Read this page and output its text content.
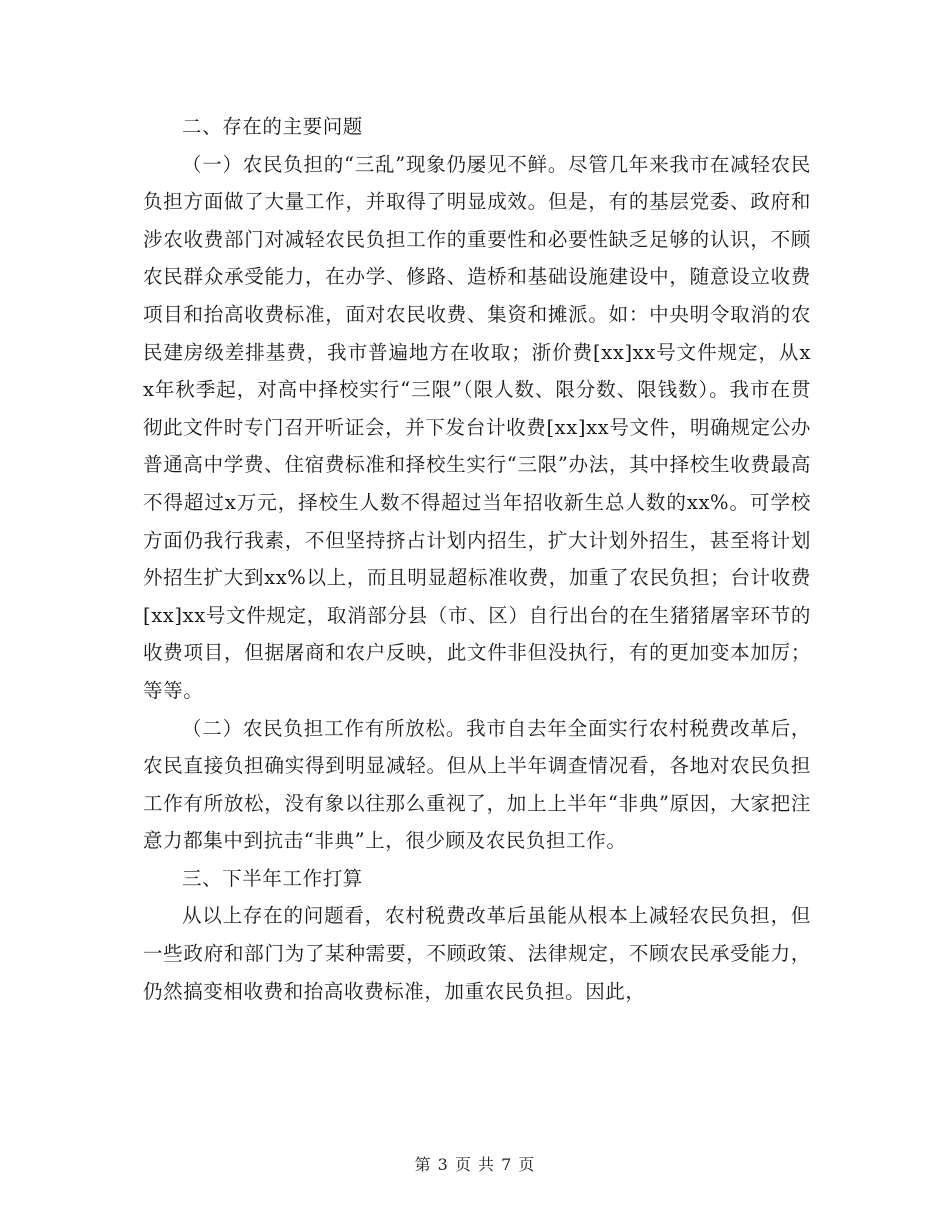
二、存在的主要问题

（一）农民负担的“三乱”现象仍屡见不鲜。尽管几年来我市在减轻农民负担方面做了大量工作，并取得了明显成效。但是，有的基层党委、政府和涉农收费部门对减轻农民负担工作的重要性和必要性缺乏足够的认识，不顾农民群众承受能力，在办学、修路、造桥和基础设施建设中，随意设立收费项目和抬高收费标准，面对农民收费、集资和摊派。如：中央明令取消的农民建房级差排基费，我市普遍地方在收取；浙价费[xx]xx号文件规定，从xx年秋季起，对高中择校实行“三限”（限人数、限分数、限钱数）。我市在贯彻此文件时专门召开听证会，并下发台计收费[xx]xx号文件，明确规定公办普通高中学费、住宿费标准和择校生实行“三限”办法，其中择校生收费最高不得超过x万元，择校生人数不得超过当年招收新生总人数的xx%。可学校方面仍我行我素，不但坚持挤占计划内招生，扩大计划外招生，甚至将计划外招生扩大到xx%以上，而且明显超标准收费，加重了农民负担；台计收费[xx]xx号文件规定，取消部分县（市、区）自行出台的在生猪猪屠宰环节的收费项目，但据屠商和农户反映，此文件非但没执行，有的更加变本加厉；等等。

（二）农民负担工作有所放松。我市自去年全面实行农村税费改革后，农民直接负担确实得到明显减轻。但从上半年调查情况看，各地对农民负担工作有所放松，没有象以往那么重视了，加上上半年“非典”原因，大家把注意力都集中到抗击“非典”上，很少顾及农民负担工作。

三、下半年工作打算

从以上存在的问题看，农村税费改革后虽能从根本上减轻农民负担，但一些政府和部门为了某种需要，不顾政策、法律规定，不顾农民承受能力，仍然搞变相收费和抬高收费标准，加重农民负担。因此，

第 3 页 共 7 页
